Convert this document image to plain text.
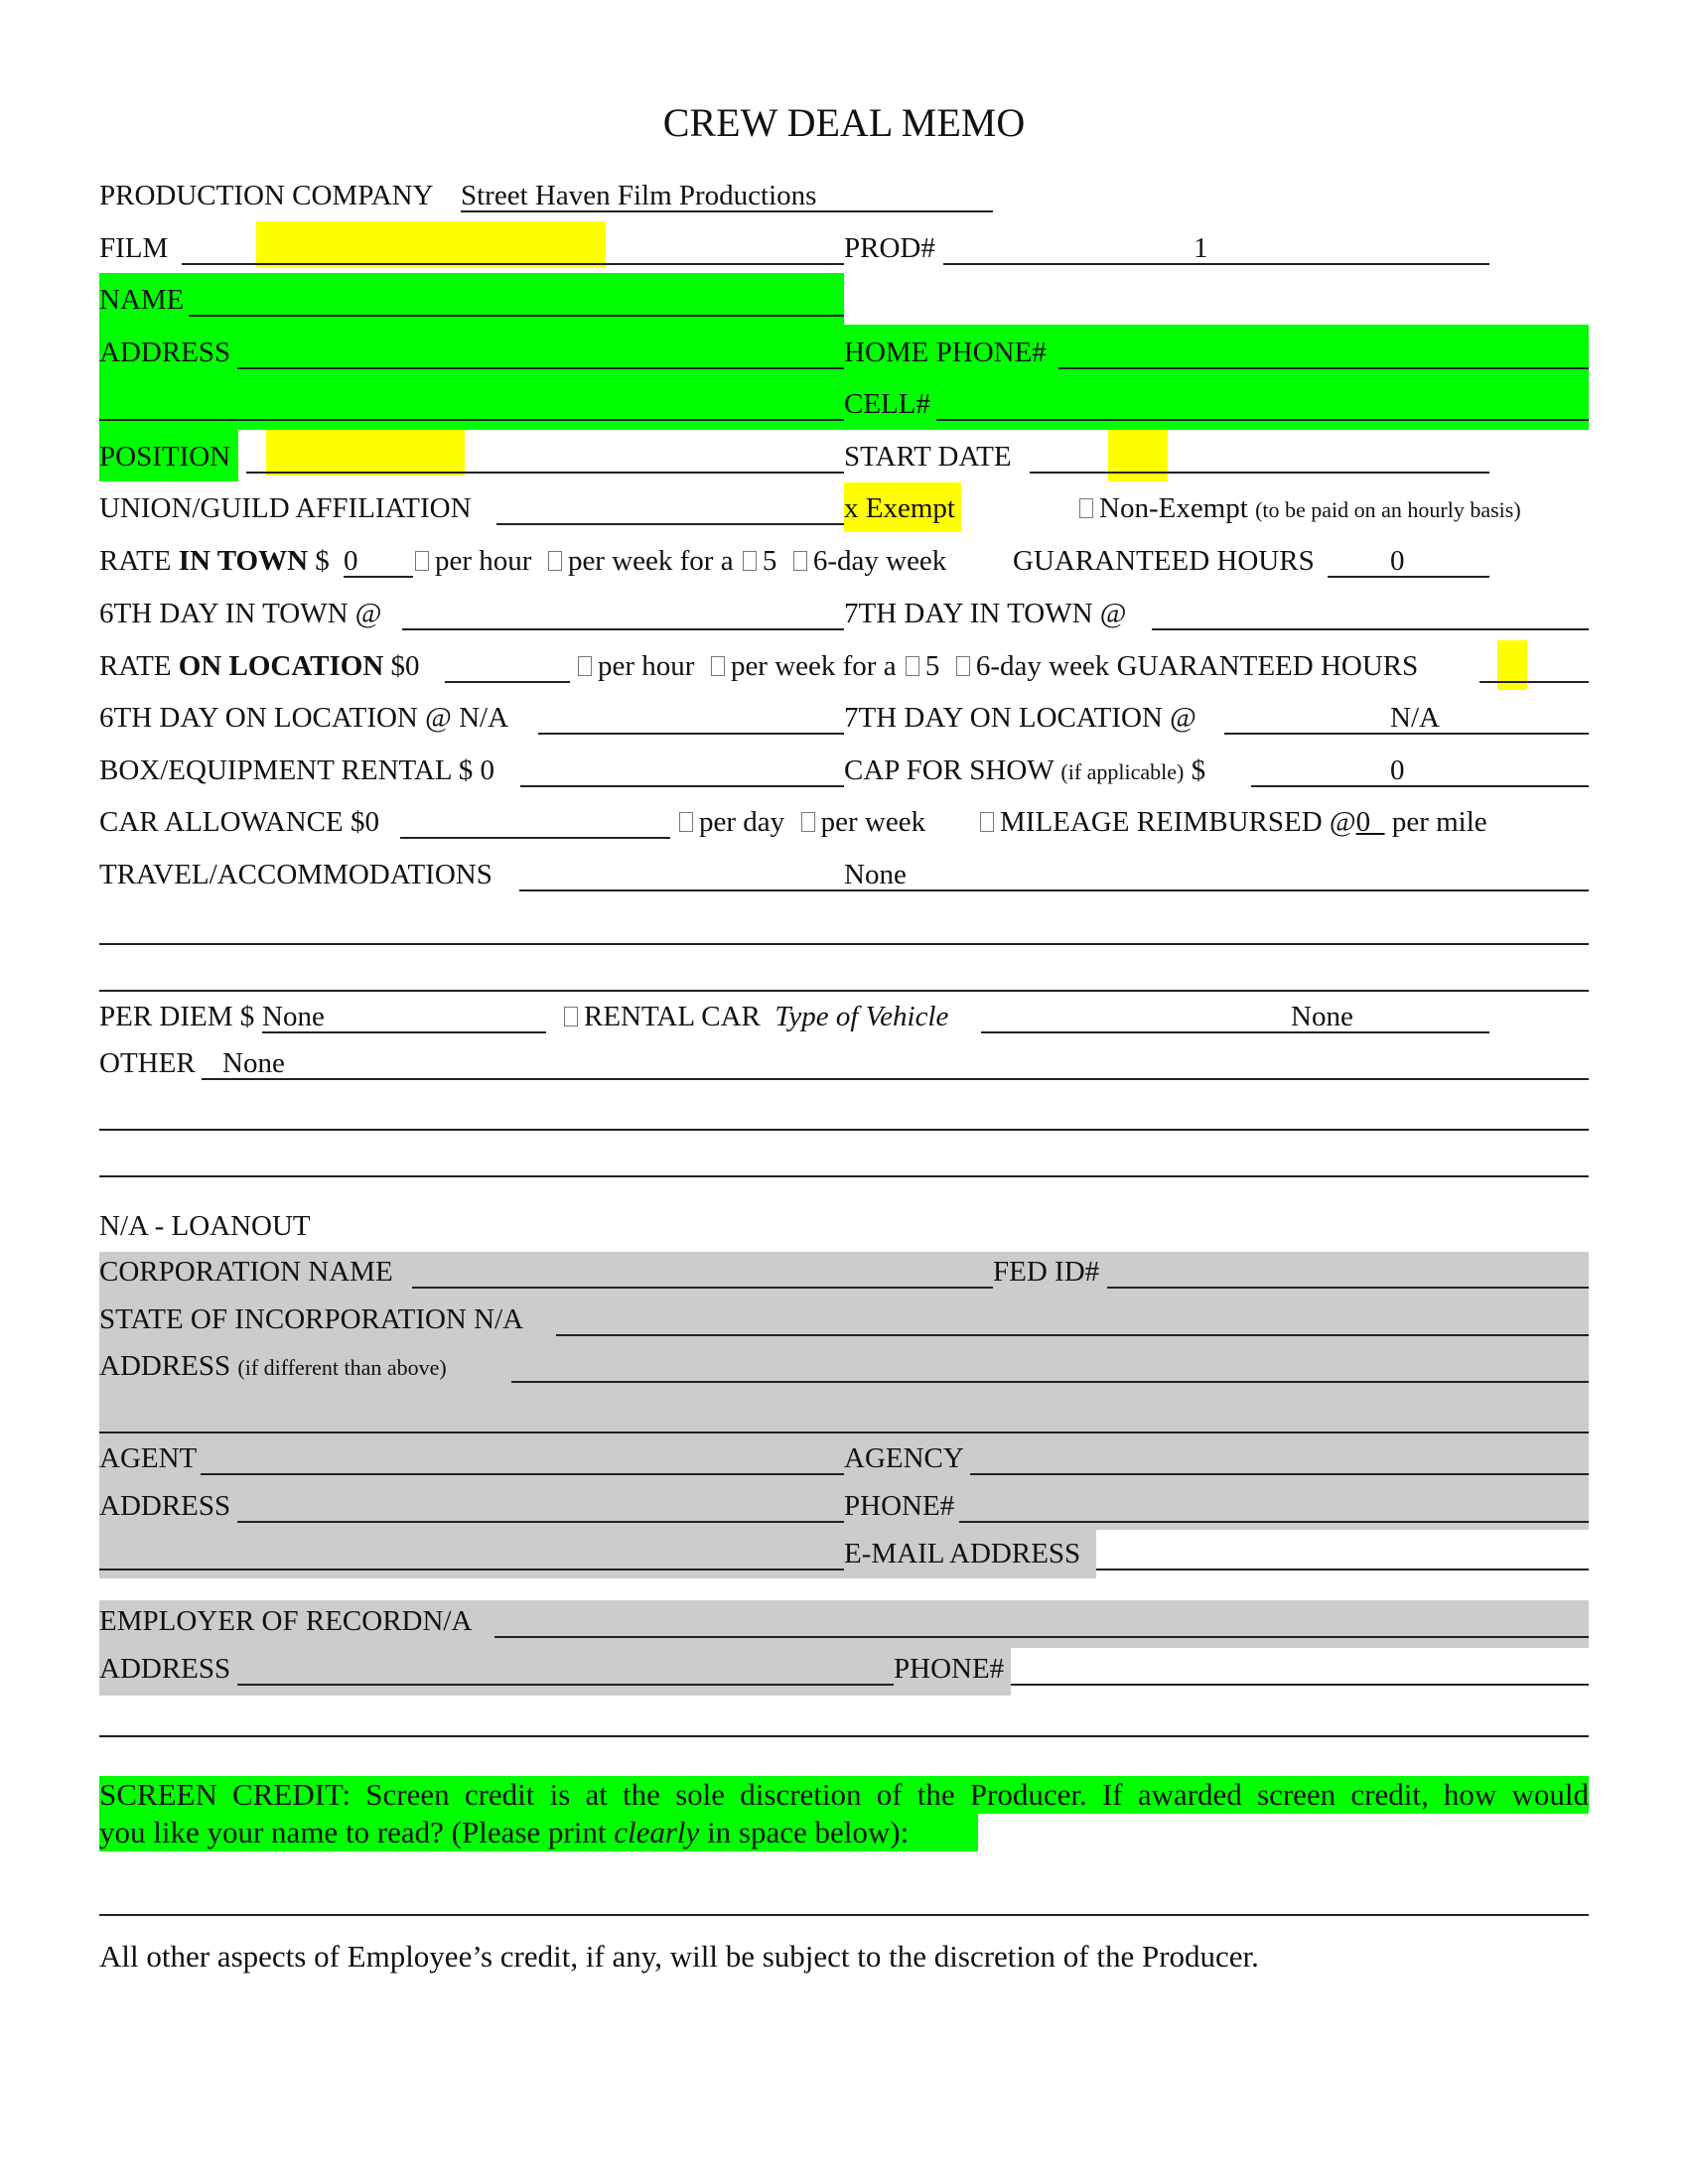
CREW DEAL MEMO
PRODUCTION COMPANY Street Haven Film Productions
FILM	PROD#	1
NAME
ADDRESS	HOME PHONE#
CELL#
POSITION	START DATE
UNION/GUILD AFFILIATION	x Exempt	Non-Exempt (to be paid on an hourly basis)
RATE IN TOWN $ 0	per hour per week for a 5 6-day week GUARANTEED HOURS	0
6TH DAY IN TOWN @	7TH DAY IN TOWN @
RATE ON LOCATION $0	per hour per week for a 5 6-day week GUARANTEED HOURS
6TH DAY ON LOCATION @ N/A	7TH DAY ON LOCATION @	N/A
BOX/EQUIPMENT RENTAL $ 0	CAP FOR SHOW (if applicable) $	0
CAR ALLOWANCE $0	per day per week	MILEAGE REIMBURSED @0 per mile
TRAVEL/ACCOMMODATIONS	None
PER DIEM $ None	RENTAL CAR Type of Vehicle	None
OTHER None
N/A - LOANOUT
CORPORATION NAME	FED ID#
STATE OF INCORPORATION N/A
ADDRESS (if different than above)
AGENT	AGENCY
ADDRESS	PHONE#
E-MAIL ADDRESS
EMPLOYER OF RECORDN/A
ADDRESS	PHONE#
SCREEN CREDIT: Screen credit is at the sole discretion of the Producer. If awarded screen credit, how would
you like your name to read? (Please print clearly in space below):
All other aspects of Employee’s credit, if any, will be subject to the discretion of the Producer.
